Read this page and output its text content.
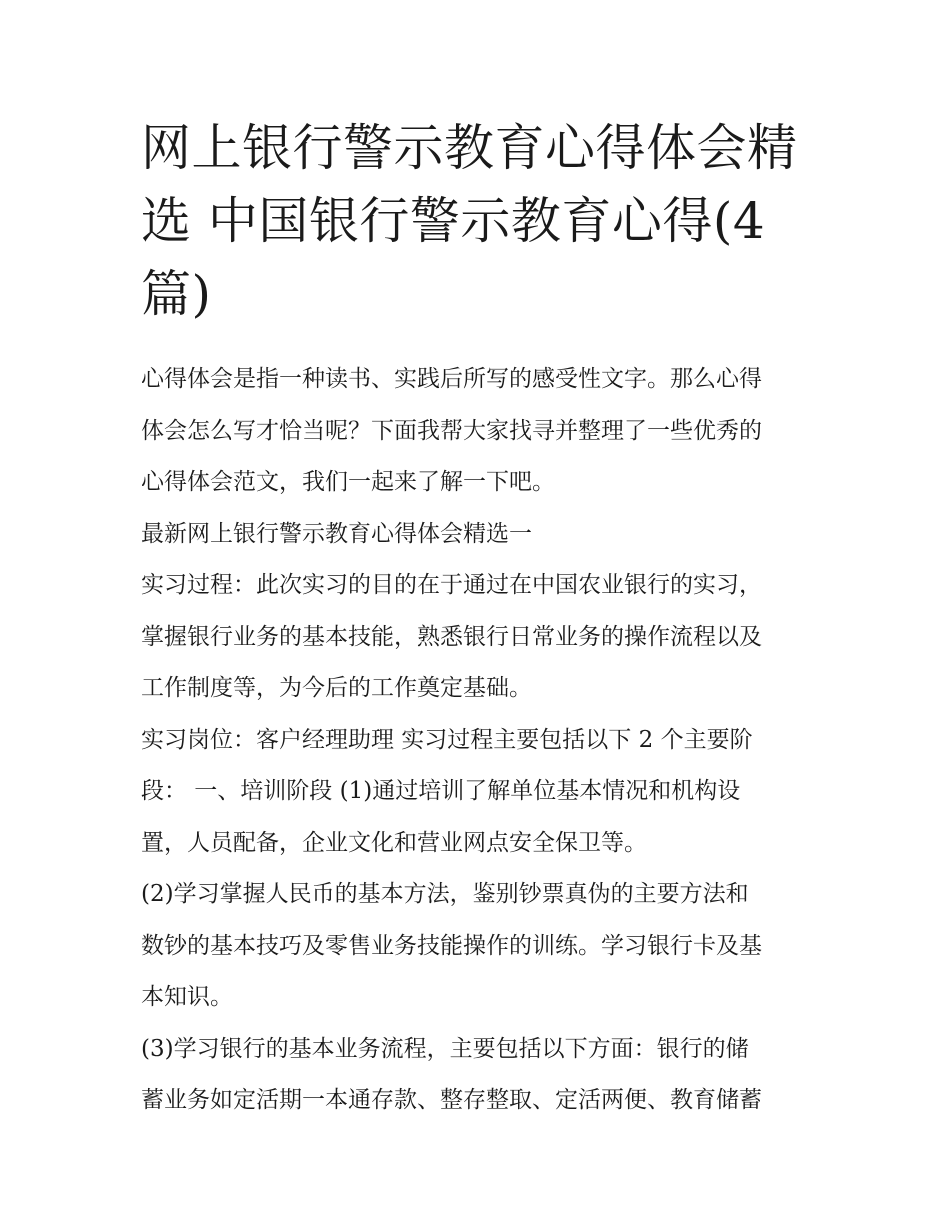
网上银行警示教育心得体会精
选 中国银行警示教育心得(4
篇)

心得体会是指一种读书、实践后所写的感受性文字。那么心得
体会怎么写才恰当呢？下面我帮大家找寻并整理了一些优秀的
心得体会范文，我们一起来了解一下吧。

最新网上银行警示教育心得体会精选一

实习过程：此次实习的目的在于通过在中国农业银行的实习，
掌握银行业务的基本技能，熟悉银行日常业务的操作流程以及
工作制度等，为今后的工作奠定基础。

实习岗位：客户经理助理 实习过程主要包括以下 2 个主要阶
段： 一、培训阶段 (1)通过培训了解单位基本情况和机构设
置，人员配备，企业文化和营业网点安全保卫等。

(2)学习掌握人民币的基本方法，鉴别钞票真伪的主要方法和
数钞的基本技巧及零售业务技能操作的训练。学习银行卡及基
本知识。

(3)学习银行的基本业务流程，主要包括以下方面：银行的储
蓄业务如定活期一本通存款、整存整取、定活两便、教育储蓄
